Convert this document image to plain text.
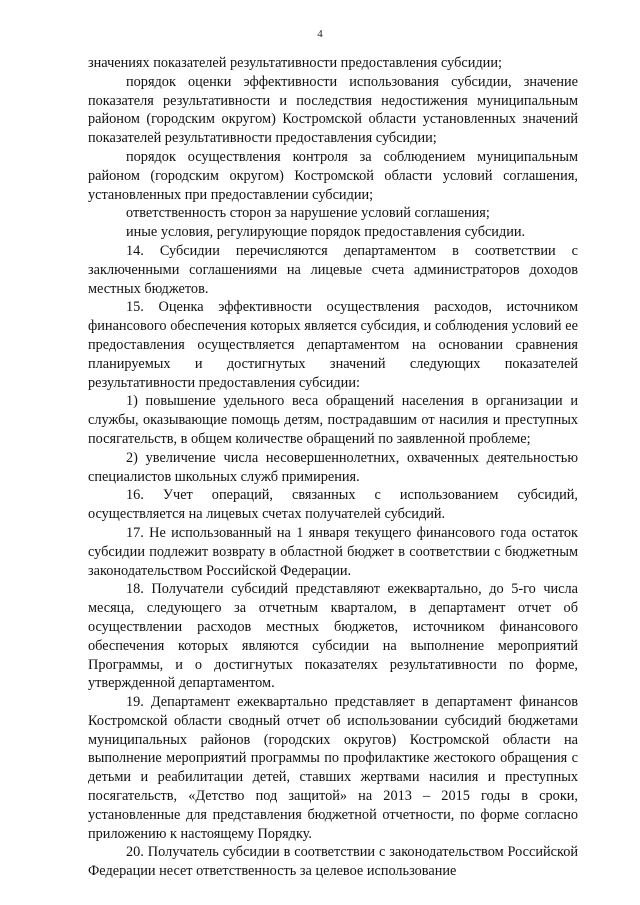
4

значениях показателей результативности предоставления субсидии;

порядок оценки эффективности использования субсидии, значение показателя результативности и последствия недостижения муниципальным районом (городским округом) Костромской области установленных значений показателей результативности предоставления субсидии;

порядок осуществления контроля за соблюдением муниципальным районом (городским округом) Костромской области условий соглашения, установленных при предоставлении субсидии;

ответственность сторон за нарушение условий соглашения;

иные условия, регулирующие порядок предоставления субсидии.

14. Субсидии перечисляются департаментом в соответствии с заключенными соглашениями на лицевые счета администраторов доходов местных бюджетов.

15. Оценка эффективности осуществления расходов, источником финансового обеспечения которых является субсидия, и соблюдения условий ее предоставления осуществляется департаментом на основании сравнения планируемых и достигнутых значений следующих показателей результативности предоставления субсидии:

1) повышение удельного веса обращений населения в организации и службы, оказывающие помощь детям, пострадавшим от насилия и преступных посягательств, в общем количестве обращений по заявленной проблеме;

2) увеличение числа несовершеннолетних, охваченных деятельностью специалистов школьных служб примирения.

16. Учет операций, связанных с использованием субсидий, осуществляется на лицевых счетах получателей субсидий.

17. Не использованный на 1 января текущего финансового года остаток субсидии подлежит возврату в областной бюджет в соответствии с бюджетным законодательством Российской Федерации.

18. Получатели субсидий представляют ежеквартально, до 5-го числа месяца, следующего за отчетным кварталом, в департамент отчет об осуществлении расходов местных бюджетов, источником финансового обеспечения которых являются субсидии на выполнение мероприятий Программы, и о достигнутых показателях результативности по форме, утвержденной департаментом.

19. Департамент ежеквартально представляет в департамент финансов Костромской области сводный отчет об использовании субсидий бюджетами муниципальных районов (городских округов) Костромской области на выполнение мероприятий программы по профилактике жестокого обращения с детьми и реабилитации детей, ставших жертвами насилия и преступных посягательств, «Детство под защитой» на 2013 – 2015 годы в сроки, установленные для представления бюджетной отчетности, по форме согласно приложению к настоящему Порядку.

20. Получатель субсидии в соответствии с законодательством Российской Федерации несет ответственность за целевое использование
